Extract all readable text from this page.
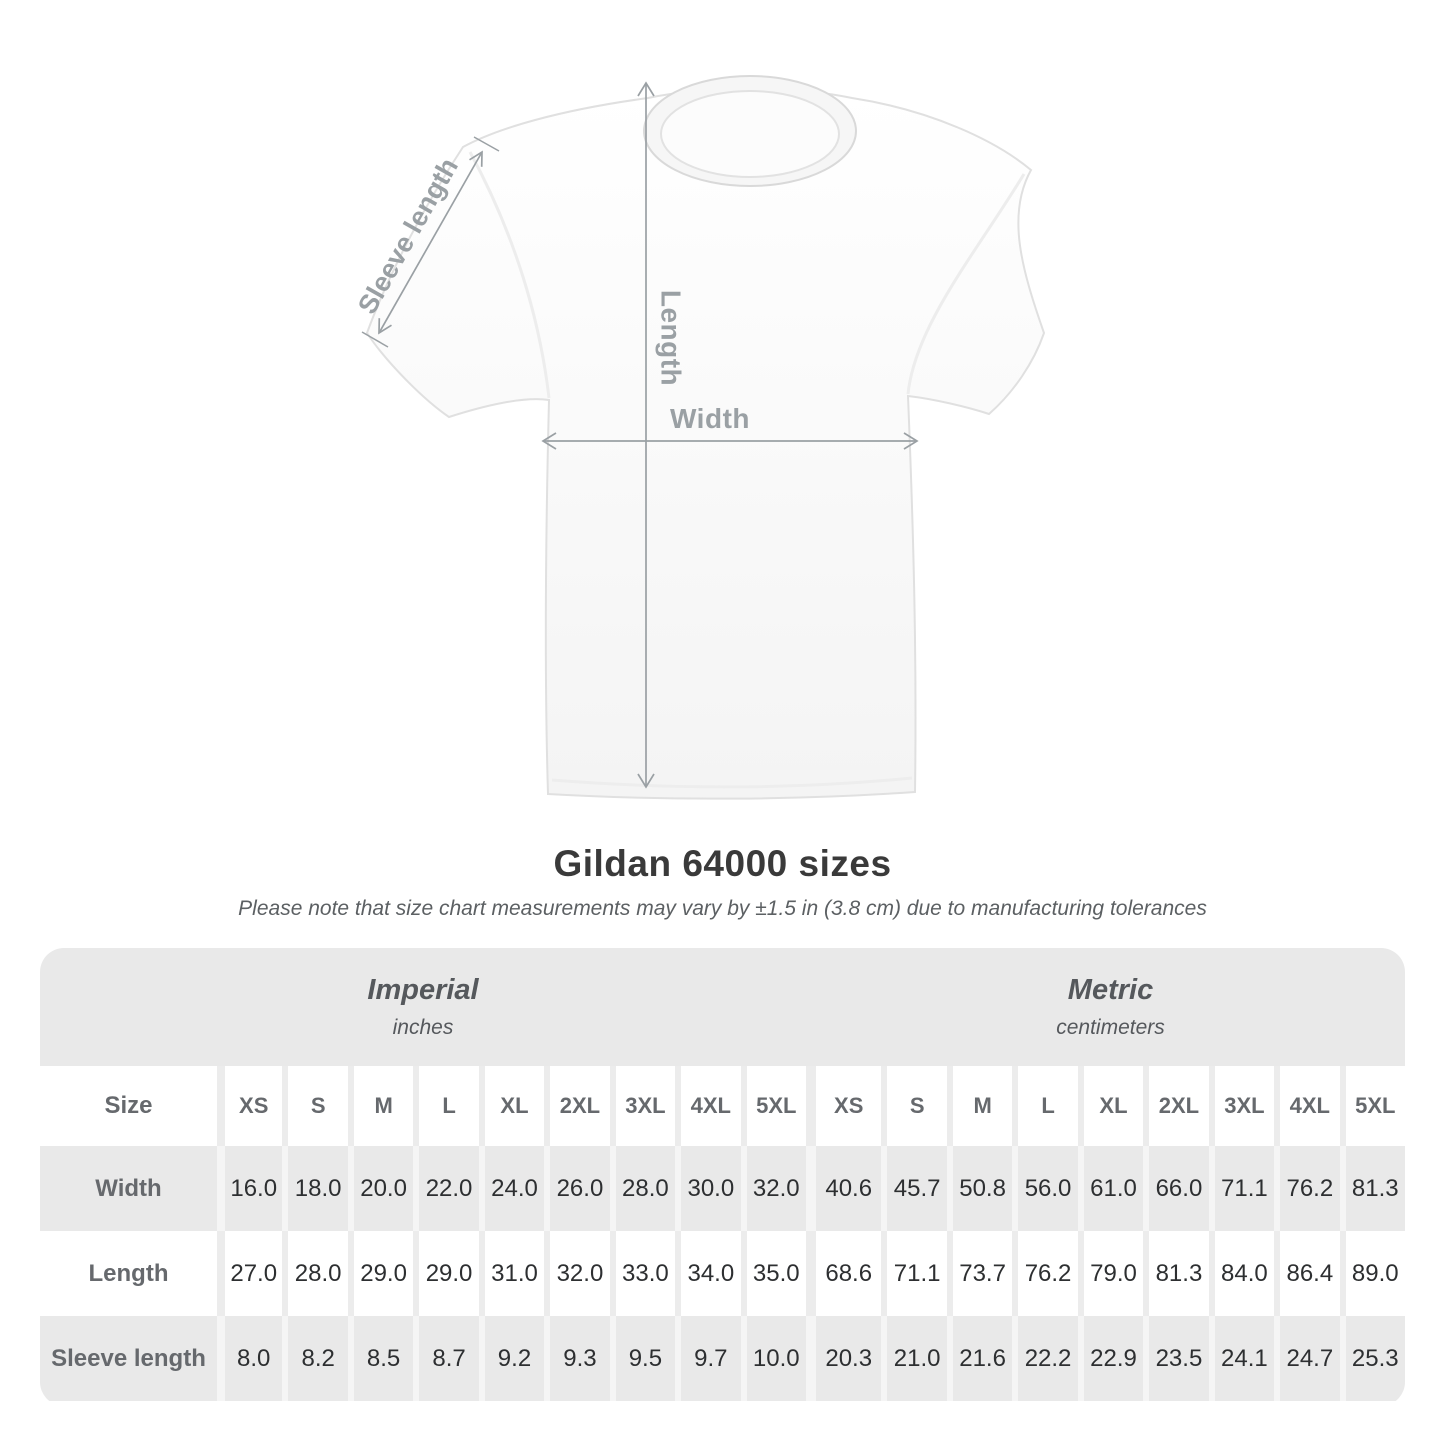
Sleeve length
Length
Width
Gildan 64000 sizes
Please note that size chart measurements may vary by ±1.5 in (3.8 cm) due to manufacturing tolerances
Imperial
inches
Metric
centimeters
Size	XS	S	M	L	XL	2XL	3XL	4XL	5XL	XS	S	M	L	XL	2XL	3XL	4XL	5XL
Width	16.0 18.0 20.0 22.0 24.0 26.0 28.0 30.0 32.0	40.6 45.7 50.8 56.0 61.0 66.0 71.1 76.2 81.3
Length	27.0 28.0 29.0 29.0 31.0 32.0 33.0 34.0 35.0	68.6 71.1 73.7 76.2 79.0 81.3 84.0 86.4 89.0
Sleeve length	8.0	8.2	8.5	8.7	9.2	9.3	9.5	9.7	10.0	20.3 21.0 21.6 22.2 22.9 23.5 24.1 24.7 25.3
